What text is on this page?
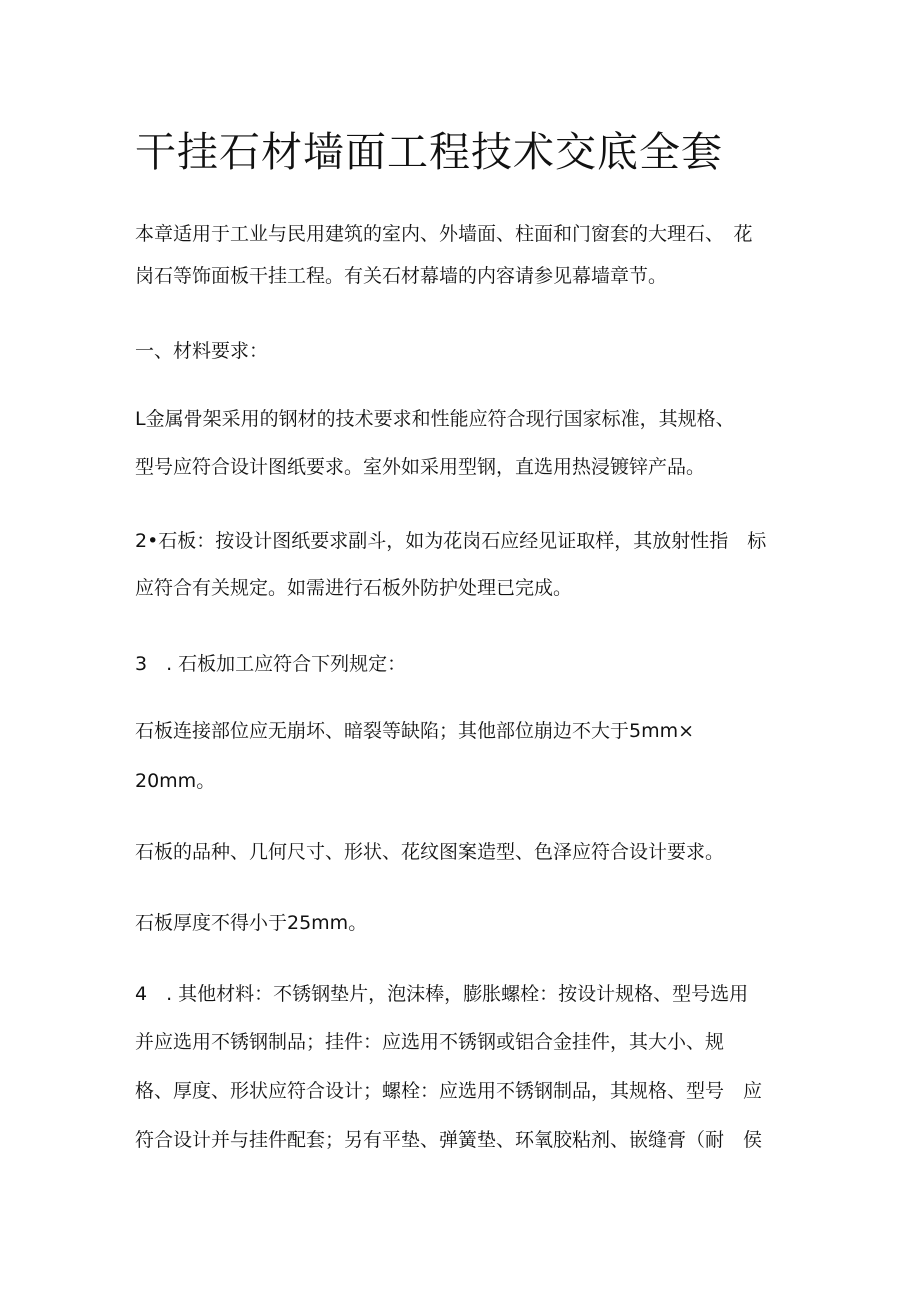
干挂石材墙面工程技术交底全套

本章适用于工业与民用建筑的室内、外墙面、柱面和门窗套的大理石、　花

岗石等饰面板干挂工程。有关石材幕墙的内容请参见幕墙章节。

一、材料要求：

L金属骨架采用的钢材的技术要求和性能应符合现行国家标准，其规格、

型号应符合设计图纸要求。室外如采用型钢，直选用热浸镀锌产品。

2•石板：按设计图纸要求副斗，如为花岗石应经见证取样，其放射性指　标

应符合有关规定。如需进行石板外防护处理已完成。

3　. 石板加工应符合下列规定：

石板连接部位应无崩坏、暗裂等缺陷；其他部位崩边不大于5mm×

20mm。

石板的品种、几何尺寸、形状、花纹图案造型、色泽应符合设计要求。

石板厚度不得小于25mm。

4　. 其他材料：不锈钢垫片，泡沫棒，膨胀螺栓：按设计规格、型号选用

并应选用不锈钢制品；挂件：应选用不锈钢或铝合金挂件，其大小、规

格、厚度、形状应符合设计；螺栓：应选用不锈钢制品，其规格、型号　应

符合设计并与挂件配套；另有平垫、弹簧垫、环氧胶粘剂、嵌缝膏（耐　侯
